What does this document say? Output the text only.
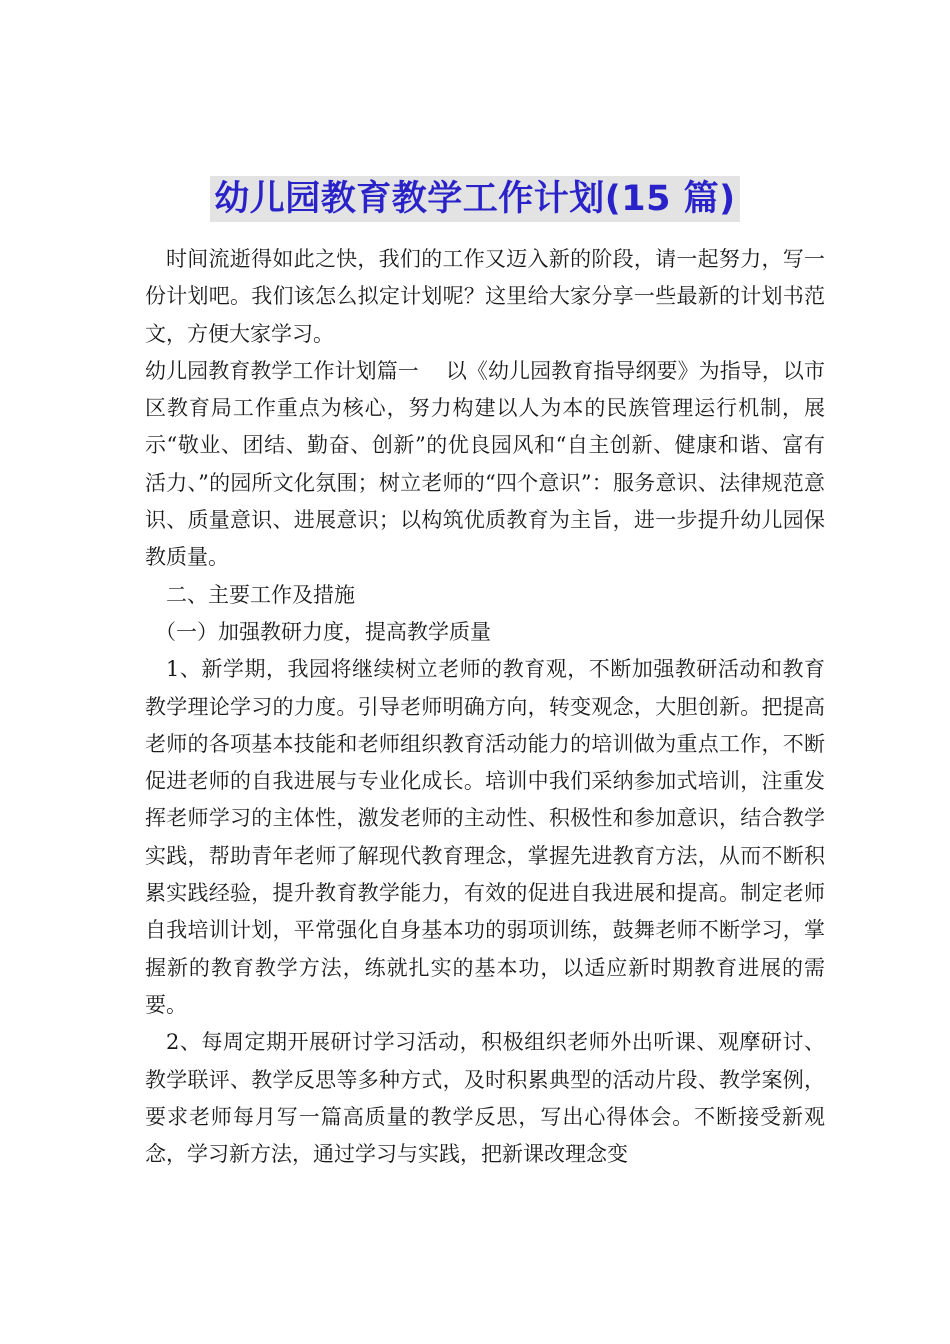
幼儿园教育教学工作计划(15 篇)

时间流逝得如此之快，我们的工作又迈入新的阶段，请一起努力，写一份计划吧。我们该怎么拟定计划呢？这里给大家分享一些最新的计划书范文，方便大家学习。

幼儿园教育教学工作计划篇一    以《幼儿园教育指导纲要》为指导，以市区教育局工作重点为核心，努力构建以人为本的民族管理运行机制，展示“敬业、团结、勤奋、创新”的优良园风和“自主创新、健康和谐、富有活力、”的园所文化氛围；树立老师的“四个意识”：服务意识、法律规范意识、质量意识、进展意识；以构筑优质教育为主旨，进一步提升幼儿园保教质量。

二、主要工作及措施

（一）加强教研力度，提高教学质量

1、新学期，我园将继续树立老师的教育观，不断加强教研活动和教育教学理论学习的力度。引导老师明确方向，转变观念，大胆创新。把提高老师的各项基本技能和老师组织教育活动能力的培训做为重点工作，不断促进老师的自我进展与专业化成长。培训中我们采纳参加式培训，注重发挥老师学习的主体性，激发老师的主动性、积极性和参加意识，结合教学实践，帮助青年老师了解现代教育理念，掌握先进教育方法，从而不断积累实践经验，提升教育教学能力，有效的促进自我进展和提高。制定老师自我培训计划，平常强化自身基本功的弱项训练，鼓舞老师不断学习，掌握新的教育教学方法，练就扎实的基本功，以适应新时期教育进展的需要。

2、每周定期开展研讨学习活动，积极组织老师外出听课、观摩研讨、教学联评、教学反思等多种方式，及时积累典型的活动片段、教学案例，要求老师每月写一篇高质量的教学反思，写出心得体会。不断接受新观念，学习新方法，通过学习与实践，把新课改理念变
